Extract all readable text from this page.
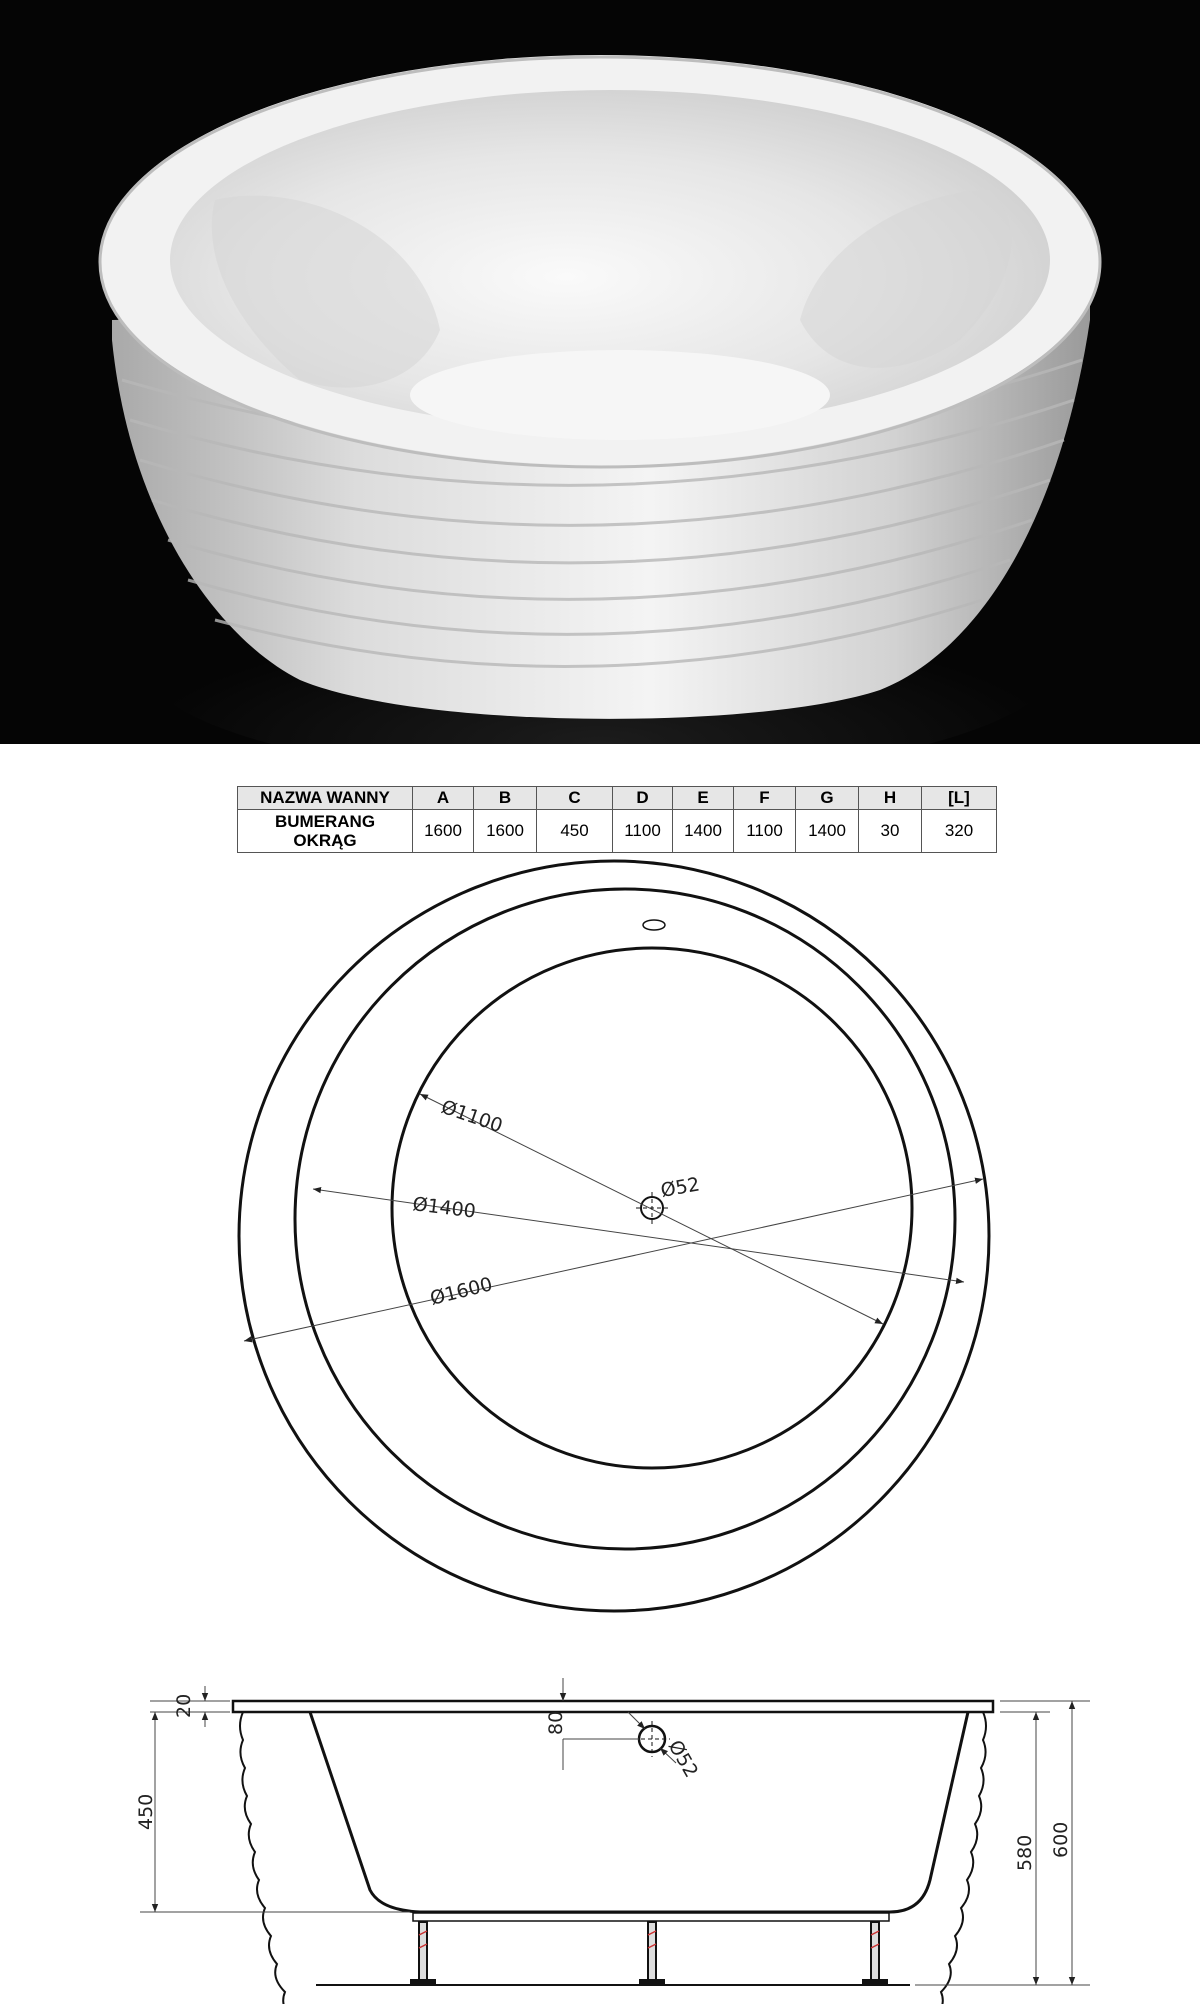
NAZWA WANNY	A	B	C	D	E	F	G	H	[L]

BUMERANG
OKRĄG	1600	1600	450	1100	1400	1100	1400	30	320
Ø1100
Ø1400
Ø1600
Ø52
20
450
80
Ø52
580 600
